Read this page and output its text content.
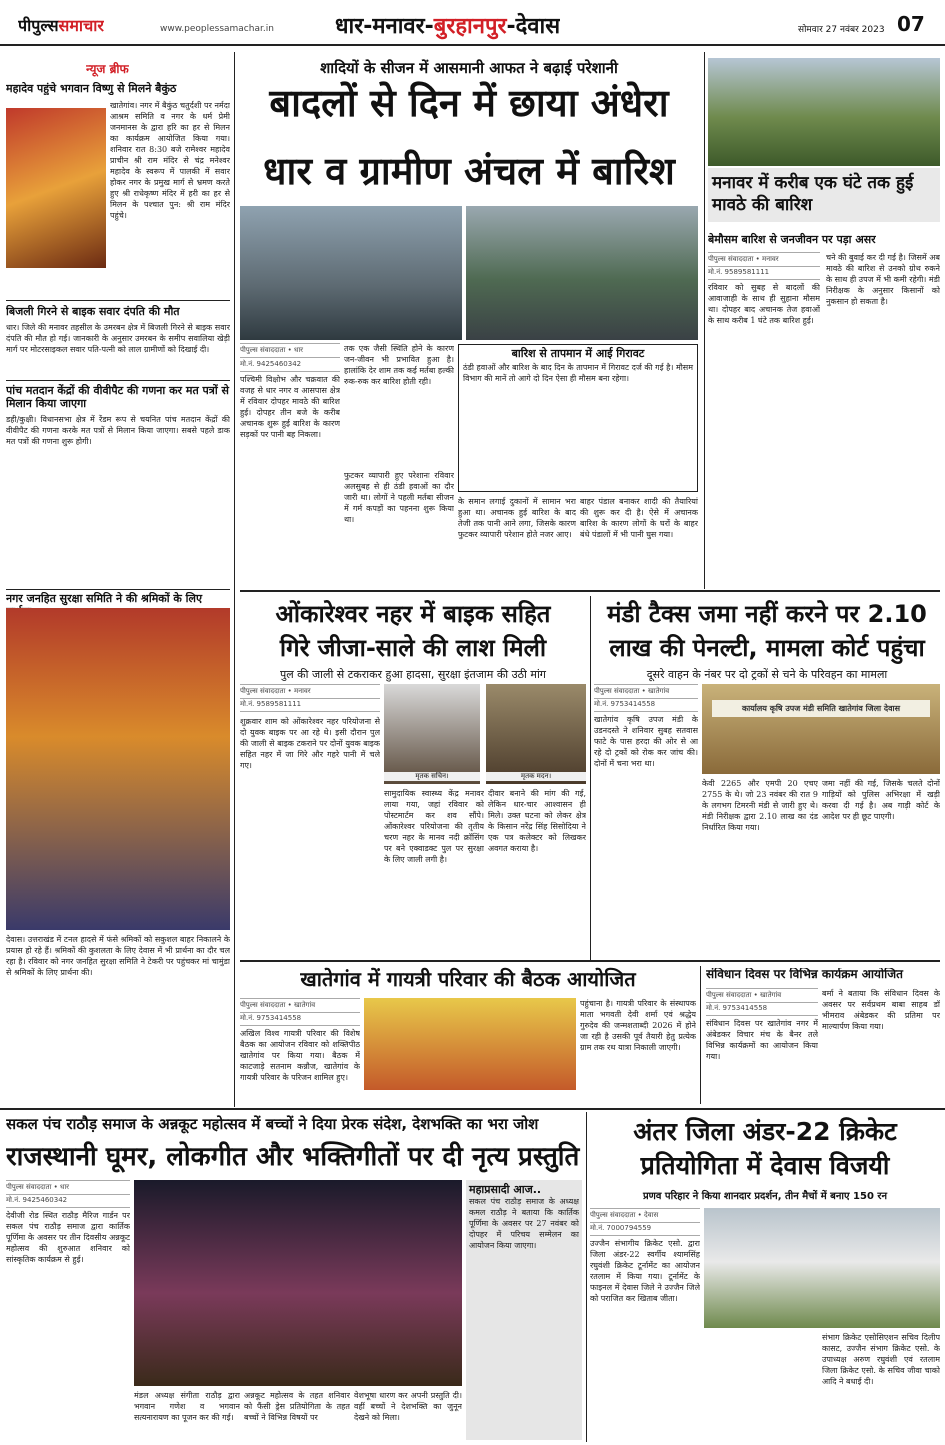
पीपुल्ससमाचार	www.peoplessamachar.in	धार-मनावर-बुरहानपुर-देवास	सोमवार 27 नवंबर 2023 07
न्यूज ब्रीफ
महादेव पहुंचे भगवान विष्णु से मिलने बैकुंठ
खातेगांव। नगर में बैकुंठ चतुर्दशी पर नर्मदा आश्रम समिति व नगर के धर्म प्रेमी जनमानस के द्वारा हरि का हर से मिलन का कार्यक्रम आयोजित किया गया। शनिवार रात 8:30 बजे रामेश्वर महादेव प्राचीन श्री राम मंदिर से चंद्र मनेश्वर महादेव के स्वरूप में पालकी में सवार होकर नगर के प्रमुख मार्ग से भ्रमण करते हुए श्री राधेकृष्ण मंदिर में हरी का हर से मिलन के पश्चात पुन: श्री राम मंदिर पहुंचे।
बिजली गिरने से बाइक सवार दंपति की मौत
धार। जिले की मनावर तहसील के उमरबन क्षेत्र में बिजली गिरने से बाइक सवार दंपति की मौत हो गई। जानकारी के अनुसार उमरबन के समीप सवालिया खेड़ी मार्ग पर मोटरसाइकल सवार पति-पत्नी को लाल ग्रामीणों को दिखाई दी।
पांच मतदान केंद्रों की वीवीपैट की गणना कर मत पत्रों से मिलान किया जाएगा
डही/कुक्षी। विधानसभा क्षेत्र में रेंडम रूप से चयनित पांच मतदान केंद्रों की वीवीपैट की गणना करके मत पत्रों से मिलान किया जाएगा। सबसे पहले डाक मत पत्रों की गणना शुरू होगी।
नगर जनहित सुरक्षा समिति ने की श्रमिकों के लिए
देवास। उत्तराखंड में टनल हादसे में फंसे श्रमिकों को सकुशल बाहर निकालने के प्रयास हो रहे हैं। श्रमिकों की कुशलता के लिए देवास में भी प्रार्थना का दौर चल रहा है। रविवार को नगर जनहित सुरक्षा समिति ने टेकरी पर पहुंचकर मां चामुंडा से श्रमिकों के लिए प्रार्थना की।
शादियों के सीजन में आसमानी आफत ने बढ़ाई परेशानी
बादलों से दिन में छाया अंधेरा
धार व ग्रामीण अंचल में बारिश
पीपुल्स संवाददाता • धार
मो.नं. 9425460342
तक एक जैसी स्थिति होने के कारण जन-जीवन भी प्रभावित हुआ है। हालांकि देर शाम तक कई मर्तबा हल्की रुक-रुक कर बारिश होती रही।
पश्चिमी विक्षोभ और चक्रवात की वजह से धार नगर व आसपास क्षेत्र में रविवार दोपहर मावठे की बारिश हुई। दोपहर तीन बजे के करीब अचानक शुरू हुई बारिश के कारण सड़कों पर पानी बह निकला।
फुटकर व्यापारी हुए परेशानः रविवार अलसुबह से ही ठंडी हवाओं का दौर जारी था। लोगों ने पहली मर्तबा सीजन में गर्म कपड़ों का पहनना शुरू किया था।
बारिश से तापमान में आई गिरावट
ठंडी हवाओं और बारिश के बाद दिन के तापमान में गिरावट दर्ज की गई है। मौसम विभाग की मानें तो आगे दो दिन ऐसा ही मौसम बना रहेगा।
के समान लगाई दुकानों में सामान भरा हुआ था। अचानक हुई बारिश के बाद तेजी तक पानी आने लगा, जिसके कारण फुटकर व्यापारी परेशान होते नजर आए।
बाहर पंडाल बनाकर शादी की तैयारियां की शुरू कर दी है। ऐसे में अचानक बारिश के कारण लोगों के घरों के बाहर बंधे पंडालों में भी पानी घुस गया।
मनावर में करीब एक घंटे तक हुई मावठे की बारिश
बेमौसम बारिश से जनजीवन पर पड़ा असर
पीपुल्स संवाददाता • मनावर
मो.नं. 9589581111
रविवार को सुबह से बादलों की आवाजाही के साथ ही सुहाना मौसम था। दोपहर बाद अचानक तेज हवाओं के साथ करीब 1 घंटे तक बारिश हुई।
चने की बुवाई कर दी गई है। जिसमें अब मावठे की बारिश से उनको ग्रोथ रुकने के साथ ही उपज में भी कमी रहेगी। मंडी निरीक्षक के अनुसार किसानों को नुकसान हो सकता है।
ओंकारेश्वर नहर में बाइक सहित
गिरे जीजा-साले की लाश मिली
पुल की जाली से टकराकर हुआ हादसा, सुरक्षा इंतजाम की उठी मांग
पीपुल्स संवाददाता • मनावर
मो.नं. 9589581111
मृतक सचिन।	मृतक मदन।
शुक्रवार शाम को ओंकारेश्वर नहर परियोजना से दो युवक बाइक पर आ रहे थे। इसी दौरान पुल की जाली से बाइक टकराने पर दोनों युवक बाइक सहित नहर में जा गिरे और गहरे पानी में चले गए।
सामुदायिक स्वास्थ्य केंद्र मनावर लाया गया, जहां रविवार को पोस्टमार्टम कर शव सौंपे। ओंकारेश्वर परियोजना की तृतीय चरण नहर के मानव नदी क्रॉसिंग पर बने एक्वाडक्ट पुल पर सुरक्षा के लिए जाली लगी है।
दीवार बनाने की मांग की गई, लेकिन धार-चार आश्वासन ही मिले। उक्त घटना को लेकर क्षेत्र के किसान नरेंद्र सिंह सिसोदिया ने एक पत्र कलेक्टर को लिखकर अवगत कराया है।
मंडी टैक्स जमा नहीं करने पर 2.10
लाख की पेनल्टी, मामला कोर्ट पहुंचा
दूसरे वाहन के नंबर पर दो ट्रकों से चने के परिवहन का मामला
पीपुल्स संवाददाता • खातेगांव
मो.नं. 9753414558
खातेगांव कृषि उपज मंडी के उडनदस्ते ने शनिवार सुबह सतवास फाटे के पास हरदा की ओर से आ रहे दो ट्रकों को रोक कर जांच की। दोनों में चना भरा था।
कार्यालय कृषि उपज मंडी समिति खातेगांव जिला देवास
केवी 2265 और एमपी 20 एचए 2755 के थे। जो 23 नवंबर की रात 9 के लगभग टिमरनी मंडी से जारी हुए थे। मंडी निरीक्षक द्वारा 2.10 लाख का दंड निर्धारित किया गया।
जमा नहीं की गई, जिसके चलते दोनों गाड़ियों को पुलिस अभिरक्षा में खड़ी करवा दी गई है। अब गाड़ी कोर्ट के आदेश पर ही छूट पाएगी।
खातेगांव में गायत्री परिवार की बैठक आयोजित
पीपुल्स संवाददाता • खातेगांव
मो.नं. 9753414558
अखिल विश्व गायत्री परिवार की विशेष बैठक का आयोजन रविवार को शक्तिपीठ खातेगांव पर किया गया। बैठक में काटजाडे़ सतनाम कन्नौज, खातेगांव के गायत्री परिवार के परिजन शामिल हुए।
पहुंचाना है। गायत्री परिवार के संस्थापक माता भगवती देवी शर्मा एवं श्रद्धेय गुरुदेव की जन्मशताब्दी 2026 में होने जा रही है उसकी पूर्व तैयारी हेतु प्रत्येक ग्राम तक रथ यात्रा निकाली जाएगी।
संविधान दिवस पर विभिन्न कार्यक्रम आयोजित
पीपुल्स संवाददाता • खातेगांव
मो.नं. 9753414558
संविधान दिवस पर खातेगांव नगर में अंबेडकर विचार मंच के बैनर तले विभिन्न कार्यक्रमों का आयोजन किया गया।
बर्मा ने बताया कि संविधान दिवस के अवसर पर सर्वप्रथम बाबा साहब डॉ भीमराव अंबेडकर की प्रतिमा पर माल्यार्पण किया गया।
सकल पंच राठौड़ समाज के अन्नकूट महोत्सव में बच्चों ने दिया प्रेरक संदेश, देशभक्ति का भरा जोश
राजस्थानी घूमर, लोकगीत और भक्तिगीतों पर दी नृत्य प्रस्तुति
पीपुल्स संवाददाता • धार
मो.नं. 9425460342
देवीजी रोड स्थित राठौड़ मैरिज गार्डन पर सकल पंच राठौड़ समाज द्वारा कार्तिक पूर्णिमा के अवसर पर तीन दिवसीय अन्नकूट महोत्सव की शुरुआत शनिवार को सांस्कृतिक कार्यक्रम से हुई।
मंडल अध्यक्ष संगीता राठौड़ द्वारा भगवान गणेश व भगवान सत्यनारायण का पूजन कर की गई।
अन्नकूट महोत्सव के तहत शनिवार को फैंसी ड्रेस प्रतियोगिता के तहत बच्चों ने विभिन्न विषयों पर
वेशभूषा धारण कर अपनी प्रस्तुति दी। वहीं बच्चों ने देशभक्ति का जुनून देखने को मिला।
महाप्रसादी आज..
सकल पंच राठौड़ समाज के अध्यक्ष कमल राठौड़ ने बताया कि कार्तिक पूर्णिमा के अवसर पर 27 नवंबर को दोपहर में परिचय सम्मेलन का आयोजन किया जाएगा।
अंतर जिला अंडर-22 क्रिकेट
प्रतियोगिता में देवास विजयी
प्रणव परिहार ने किया शानदार प्रदर्शन, तीन मैचों में बनाए 150 रन
पीपुल्स संवाददाता • देवास
मो.नं. 7000794559
उज्जैन संभागीय क्रिकेट एसो. द्वारा जिला अंडर-22 स्वर्गीय श्यामसिंह रघुवंशी क्रिकेट टूर्नामेंट का आयोजन रतलाम में किया गया। टूर्नामेंट के फाइनल में देवास जिले ने उज्जैन जिले को पराजित कर खिताब जीता।
संभाग क्रिकेट एसोसिएशन सचिव दिलीप कासट, उज्जैन संभाग क्रिकेट एसो. के उपाध्यक्ष अरुण रघुवंशी एवं रतलाम जिला क्रिकेट एसो. के सचिव जीवा चाको आदि ने बधाई दी।
